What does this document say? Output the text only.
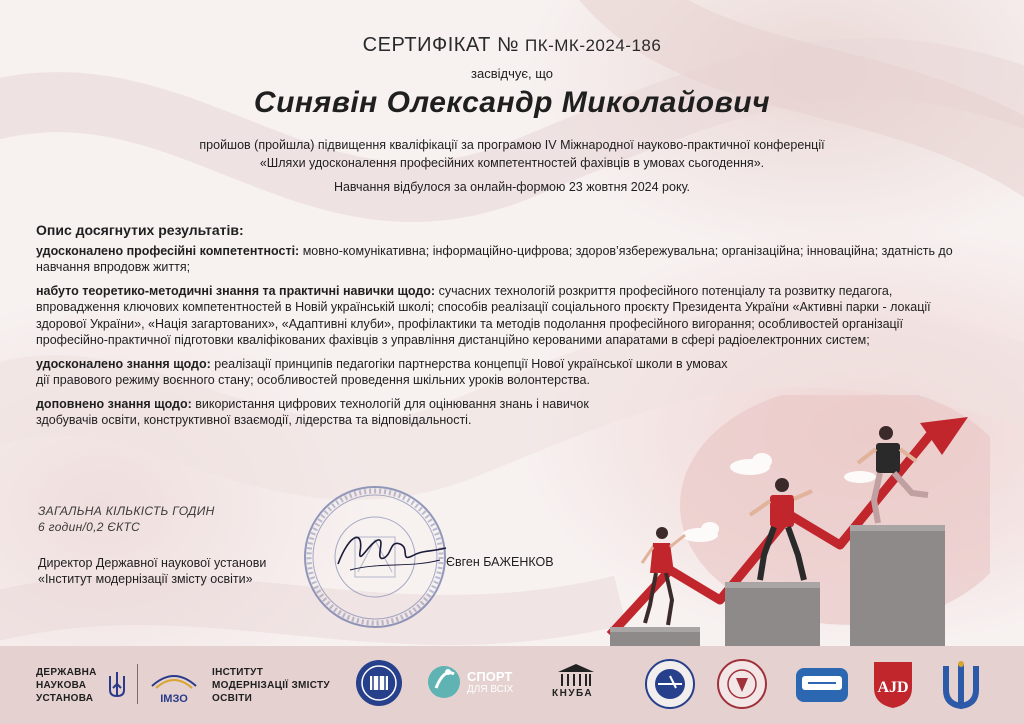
СЕРТИФІКАТ № ПК-МК-2024-186
засвідчує, що
Синявін Олександр Миколайович
пройшов (пройшла) підвищення кваліфікації за програмою IV Міжнародної науково-практичної конференції
«Шляхи удосконалення професійних компетентностей фахівців в умовах сьогодення».
Навчання відбулося за онлайн-формою 23 жовтня 2024 року.
Опис досягнутих результатів:

удосконалено професійні компетентності: мовно-комунікативна; інформаційно-цифрова; здоров’язбережувальна; організаційна; інноваційна; здатність до навчання впродовж життя;

набуто теоретико-методичні знання та практичні навички щодо: сучасних технологій розкриття професійного потенціалу та розвитку педагога, впровадження ключових компетентностей в Новій українській школі; способів реалізації соціального проєкту Президента України «Активні парки - локації здорової України», «Нація загартованих», «Адаптивні клуби», профілактики та методів подолання професійного вигорання; особливостей організації професійно-практичної підготовки кваліфікованих фахівців з управління дистанційно керованими апаратами в сфері радіоелектронних систем;

удосконалено знання щодо: реалізації принципів педагогіки партнерства концепції Нової української школи в умовах дії правового режиму воєнного стану; особливостей проведення шкільних уроків волонтерства.

доповнено знання щодо: використання цифрових технологій для оцінювання знань і навичок здобувачів освіти, конструктивної взаємодії, лідерства та відповідальності.

ЗАГАЛЬНА КІЛЬКІСТЬ ГОДИН
6 годин/0,2 ЄКТС
Директор Державної наукової установи
«Інститут модернізації змісту освіти»
Євген БАЖЕНКОВ
ДЕРЖАВНА
НАУКОВА
УСТАНОВА	ІМЗО
ІНСТИТУТ
МОДЕРНІЗАЦІЇ ЗМІСТУ
ОСВІТИ
СПОРТ
ДЛЯ ВСІХ	КНУБА	AJD
